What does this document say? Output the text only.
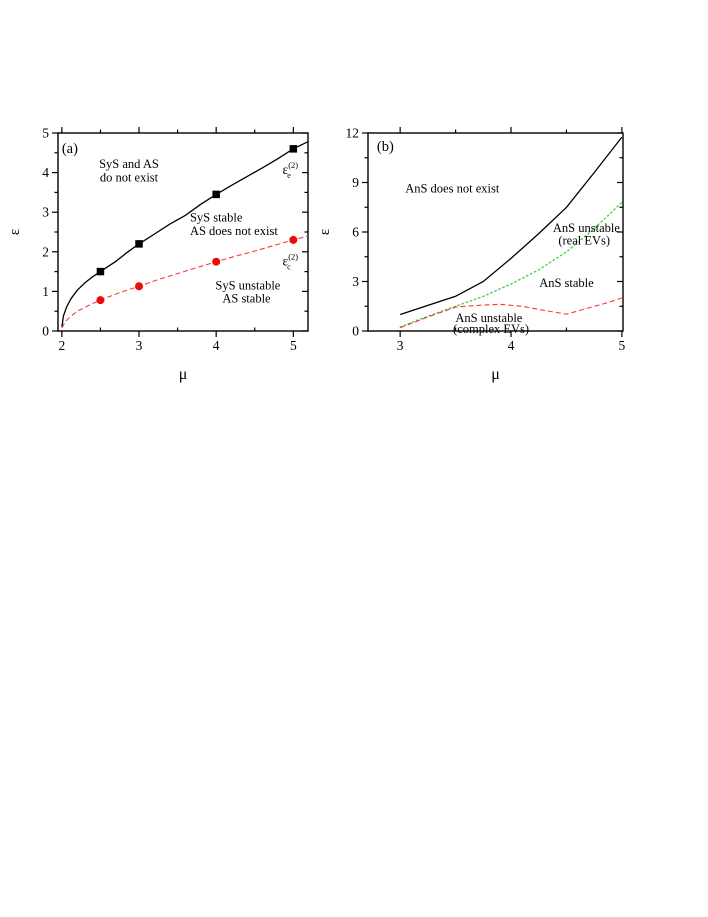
2	3	4	5
0
1
2
3
4
5
μ
ε
(a)
SyS and AS
do not exist
SyS stable
AS does not exist
SyS unstable
AS stable
$\varepsilon^{(2)}$ e
$\varepsilon^{(2)}$ c
3	4	5
0
3
6
9
12
μ
ε
(b)
AnS does not exist
AnS unstable
(real EVs)
AnS stable
AnS unstable
(complex EVs)
